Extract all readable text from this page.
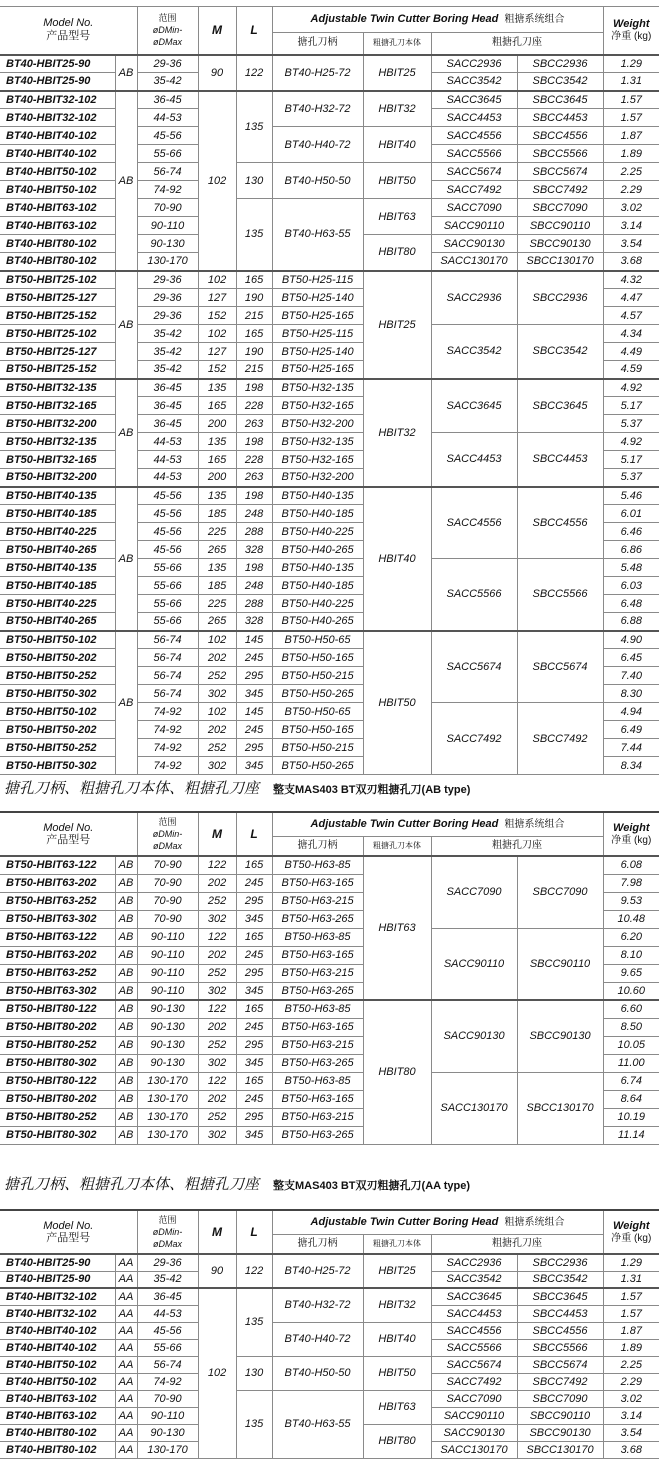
Model No.
产品型号		范围
øDMin-
øDMax	M	L	Adjustable Twin Cutter Boring Head 粗搪系统组合				Weight
净重 (kg)
					搪孔刀柄	粗搪孔刀本体	粗搪孔刀座		
BT40-HBIT25-90	AB	29-36	90	122	BT40-H25-72	HBIT25	SACC2936	SBCC2936	1.29
BT40-HBIT25-90		35-42					SACC3542	SBCC3542	1.31
BT40-HBIT32-102	AB	36-45	102	135	BT40-H32-72	HBIT32	SACC3645	SBCC3645	1.57
BT40-HBIT32-102		44-53					SACC4453	SBCC4453	1.57
BT40-HBIT40-102		45-56			BT40-H40-72	HBIT40	SACC4556	SBCC4556	1.87
BT40-HBIT40-102		55-66					SACC5566	SBCC5566	1.89
BT40-HBIT50-102		56-74		130	BT40-H50-50	HBIT50	SACC5674	SBCC5674	2.25
BT40-HBIT50-102		74-92					SACC7492	SBCC7492	2.29
BT40-HBIT63-102		70-90		135	BT40-H63-55	HBIT63	SACC7090	SBCC7090	3.02
BT40-HBIT63-102		90-110					SACC90110	SBCC90110	3.14
BT40-HBIT80-102		90-130				HBIT80	SACC90130	SBCC90130	3.54
BT40-HBIT80-102		130-170					SACC130170	SBCC130170	3.68
BT50-HBIT25-102	AB	29-36	102	165	BT50-H25-115	HBIT25	SACC2936	SBCC2936	4.32
BT50-HBIT25-127		29-36	127	190	BT50-H25-140				4.47
BT50-HBIT25-152		29-36	152	215	BT50-H25-165				4.57
BT50-HBIT25-102		35-42	102	165	BT50-H25-115		SACC3542	SBCC3542	4.34
BT50-HBIT25-127		35-42	127	190	BT50-H25-140				4.49
BT50-HBIT25-152		35-42	152	215	BT50-H25-165				4.59
BT50-HBIT32-135	AB	36-45	135	198	BT50-H32-135	HBIT32	SACC3645	SBCC3645	4.92
BT50-HBIT32-165		36-45	165	228	BT50-H32-165				5.17
BT50-HBIT32-200		36-45	200	263	BT50-H32-200				5.37
BT50-HBIT32-135		44-53	135	198	BT50-H32-135		SACC4453	SBCC4453	4.92
BT50-HBIT32-165		44-53	165	228	BT50-H32-165				5.17
BT50-HBIT32-200		44-53	200	263	BT50-H32-200				5.37
BT50-HBIT40-135	AB	45-56	135	198	BT50-H40-135	HBIT40	SACC4556	SBCC4556	5.46
BT50-HBIT40-185		45-56	185	248	BT50-H40-185				6.01
BT50-HBIT40-225		45-56	225	288	BT50-H40-225				6.46
BT50-HBIT40-265		45-56	265	328	BT50-H40-265				6.86
BT50-HBIT40-135		55-66	135	198	BT50-H40-135		SACC5566	SBCC5566	5.48
BT50-HBIT40-185		55-66	185	248	BT50-H40-185				6.03
BT50-HBIT40-225		55-66	225	288	BT50-H40-225				6.48
BT50-HBIT40-265		55-66	265	328	BT50-H40-265				6.88
BT50-HBIT50-102	AB	56-74	102	145	BT50-H50-65	HBIT50	SACC5674	SBCC5674	4.90
BT50-HBIT50-202		56-74	202	245	BT50-H50-165				6.45
BT50-HBIT50-252		56-74	252	295	BT50-H50-215				7.40
BT50-HBIT50-302		56-74	302	345	BT50-H50-265				8.30
BT50-HBIT50-102		74-92	102	145	BT50-H50-65		SACC7492	SBCC7492	4.94
BT50-HBIT50-202		74-92	202	245	BT50-H50-165				6.49
BT50-HBIT50-252		74-92	252	295	BT50-H50-215				7.44
BT50-HBIT50-302		74-92	302	345	BT50-H50-265				8.34
搪孔刀柄、粗搪孔刀本体、粗搪孔刀座 整支MAS403 BT双刃粗搪孔刀(AB type)
Model No.
产品型号		范围
øDMin-
øDMax	M	L	Adjustable Twin Cutter Boring Head 粗搪系统组合				Weight
净重 (kg)
					搪孔刀柄	粗搪孔刀本体	粗搪孔刀座		
BT50-HBIT63-122	AB	70-90	122	165	BT50-H63-85	HBIT63	SACC7090	SBCC7090	6.08
BT50-HBIT63-202	AB	70-90	202	245	BT50-H63-165				7.98
BT50-HBIT63-252	AB	70-90	252	295	BT50-H63-215				9.53
BT50-HBIT63-302	AB	70-90	302	345	BT50-H63-265				10.48
BT50-HBIT63-122	AB	90-110	122	165	BT50-H63-85		SACC90110	SBCC90110	6.20
BT50-HBIT63-202	AB	90-110	202	245	BT50-H63-165				8.10
BT50-HBIT63-252	AB	90-110	252	295	BT50-H63-215				9.65
BT50-HBIT63-302	AB	90-110	302	345	BT50-H63-265				10.60
BT50-HBIT80-122	AB	90-130	122	165	BT50-H63-85	HBIT80	SACC90130	SBCC90130	6.60
BT50-HBIT80-202	AB	90-130	202	245	BT50-H63-165				8.50
BT50-HBIT80-252	AB	90-130	252	295	BT50-H63-215				10.05
BT50-HBIT80-302	AB	90-130	302	345	BT50-H63-265				11.00
BT50-HBIT80-122	AB	130-170	122	165	BT50-H63-85		SACC130170	SBCC130170	6.74
BT50-HBIT80-202	AB	130-170	202	245	BT50-H63-165				8.64
BT50-HBIT80-252	AB	130-170	252	295	BT50-H63-215				10.19
BT50-HBIT80-302	AB	130-170	302	345	BT50-H63-265				11.14
搪孔刀柄、粗搪孔刀本体、粗搪孔刀座 整支MAS403 BT双刃粗搪孔刀(AA type)
Model No.
产品型号		范围
øDMin-
øDMax	M	L	Adjustable Twin Cutter Boring Head 粗搪系统组合				Weight
净重 (kg)
					搪孔刀柄	粗搪孔刀本体	粗搪孔刀座		
BT40-HBIT25-90	AA	29-36	90	122	BT40-H25-72	HBIT25	SACC2936	SBCC2936	1.29
BT40-HBIT25-90	AA	35-42					SACC3542	SBCC3542	1.31
BT40-HBIT32-102	AA	36-45	102	135	BT40-H32-72	HBIT32	SACC3645	SBCC3645	1.57
BT40-HBIT32-102	AA	44-53					SACC4453	SBCC4453	1.57
BT40-HBIT40-102	AA	45-56			BT40-H40-72	HBIT40	SACC4556	SBCC4556	1.87
BT40-HBIT40-102	AA	55-66					SACC5566	SBCC5566	1.89
BT40-HBIT50-102	AA	56-74		130	BT40-H50-50	HBIT50	SACC5674	SBCC5674	2.25
BT40-HBIT50-102	AA	74-92					SACC7492	SBCC7492	2.29
BT40-HBIT63-102	AA	70-90		135	BT40-H63-55	HBIT63	SACC7090	SBCC7090	3.02
BT40-HBIT63-102	AA	90-110					SACC90110	SBCC90110	3.14
BT40-HBIT80-102	AA	90-130				HBIT80	SACC90130	SBCC90130	3.54
BT40-HBIT80-102	AA	130-170					SACC130170	SBCC130170	3.68
